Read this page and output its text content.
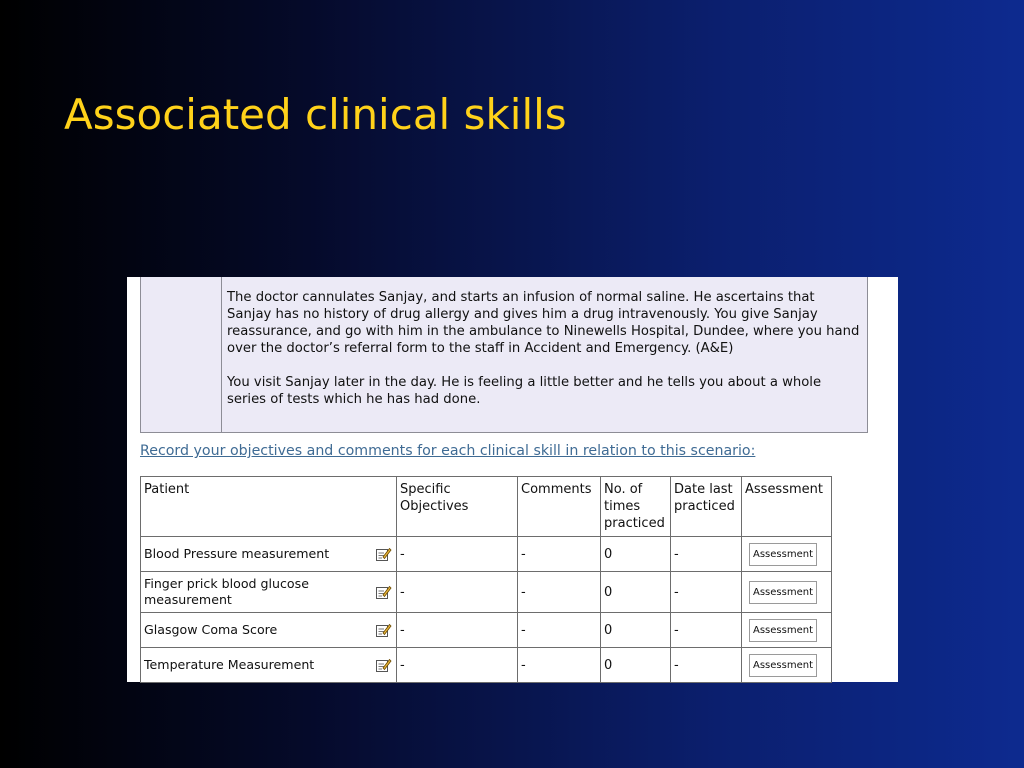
Associated clinical skills

The doctor cannulates Sanjay, and starts an infusion of normal saline. He ascertains that Sanjay has no history of drug allergy and gives him a drug intravenously. You give Sanjay reassurance, and go with him in the ambulance to Ninewells Hospital, Dundee, where you hand over the doctor’s referral form to the staff in Accident and Emergency. (A&E)

You visit Sanjay later in the day. He is feeling a little better and he tells you about a whole series of tests which he has had done.

Record your objectives and comments for each clinical skill in relation to this scenario:
Patient	Specific Objectives	Comments	No. of times practiced	Date last practiced	Assessment
Blood Pressure measurement	-	-	0	-	Assessment
Finger prick blood glucose measurement	-	-	0	-	Assessment
Glasgow Coma Score	-	-	0	-	Assessment
Temperature Measurement	-	-	0	-	Assessment
